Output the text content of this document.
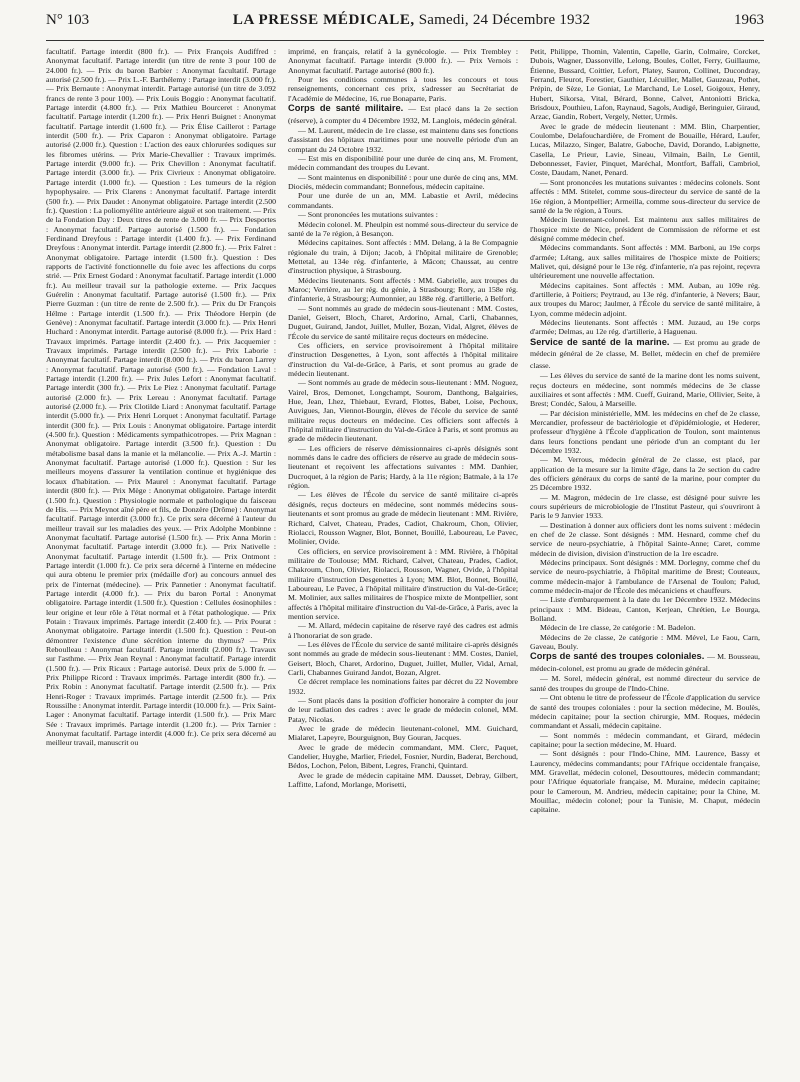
N° 103	LA PRESSE MÉDICALE, Samedi, 24 Décembre 1932	1963

facultatif. Partage interdit (800 fr.). — Prix François Audiffred : Anonymat facultatif. Partage interdit (un titre de rente 3 pour 100 de 24.000 fr.). — Prix du baron Barbier : Anonymat facultatif. Partage autorisé (2.500 fr.). — Prix L.-F. Barthélemy : Partage interdit (3.000 fr.). — Prix Bernaute : Anonymat interdit. Partage autorisé (un titre de 3.092 francs de rente 3 pour 100). — Prix Louis Boggio : Anonymat facultatif. Partage interdit (4.800 fr.). — Prix Mathieu Bourceret : Anonymat facultatif. Partage interdit (1.200 fr.). — Prix Henri Buignet : Anonymat facultatif. Partage interdit (1.600 fr.). — Prix Élise Caillerot : Partage interdit (500 fr.). — Prix Caparon : Anonymat obligatoire. Partage autorisé (2.000 fr.). Question : L'action des eaux chlorurées sodiques sur les fibromes utérins. — Prix Marie-Chevallier : Travaux imprimés. Partage interdit (9.000 fr.). — Prix Chevillon : Anonymat facultatif. Partage interdit (3.000 fr.). — Prix Civrieux : Anonymat obligatoire. Partage interdit (1.000 fr.). — Question : Les tumeurs de la région hypophysaire. — Prix Clarens : Anonymat facultatif. Partage interdit (500 fr.). — Prix Daudet : Anonymat obligatoire. Partage interdit (2.500 fr.). Question : La poliomyélite antérieure aiguë et son traitement. — Prix de la Fondation Day : Deux titres de rente de 3.000 fr. — Prix Desportes : Anonymat facultatif. Partage autorisé (1.500 fr.). — Fondation Ferdinand Dreyfous : Partage interdit (1.400 fr.). — Prix Ferdinand Dreyfous : Anonymat interdit. Partage interdit (2.800 fr.). — Prix Falret : Anonymat obligatoire. Partage interdit (1.500 fr.). Question : Des rapports de l'activité fonctionnelle du foie avec les affections du corps strié. — Prix Ernest Godard : Anonymat facultatif. Partage interdit (1.000 fr.). Au meilleur travail sur la pathologie externe. — Prix Jacques Guérelin : Anonymat facultatif. Partage autorisé (1.500 fr.). — Prix Pierre Guzman : (un titre de rente de 2.500 fr.). — Prix du Dr François Hélme : Partage interdit (1.500 fr.). — Prix Théodore Herpin (de Genève) : Anonymat facultatif. Partage interdit (3.000 fr.). — Prix Henri Huchard : Anonymat interdit. Partage autorisé (8.000 fr.). — Prix Hard : Travaux imprimés. Partage interdit (2.400 fr.). — Prix Jacquemier : Travaux imprimés. Partage interdit (2.500 fr.). — Prix Laborie : Anonymat facultatif. Partage interdit (8.000 fr.). — Prix du baron Larrey : Anonymat facultatif. Partage autorisé (500 fr.). — Fondation Laval : Partage interdit (1.200 fr.). — Prix Jules Lefort : Anonymat facultatif. Partage interdit (300 fr.). — Prix Le Piez : Anonymat facultatif. Partage autorisé (2.000 fr.). — Prix Lereau : Anonymat facultatif. Partage autorisé (2.000 fr.). — Prix Clotilde Liard : Anonymat facultatif. Partage interdit (5.000 fr.). — Prix Henri Lorquet : Anonymat facultatif. Partage interdit (300 fr.). — Prix Louis : Anonymat obligatoire. Partage interdit (4.500 fr.). Question : Médicaments sympathicotropes. — Prix Magnan : Anonymat obligatoire. Partage interdit (3.500 fr.). Question : Du métabolisme basal dans la manie et la mélancolie. — Prix A.-J. Martin : Anonymat facultatif. Partage autorisé (1.000 fr.). Question : Sur les meilleurs moyens d'assurer la ventilation continue et hygiénique des locaux d'habitation. — Prix Maurel : Anonymat facultatif. Partage interdit (800 fr.). — Prix Mège : Anonymat obligatoire. Partage interdit (1.500 fr.). Question : Physiologie normale et pathologique du faisceau de His. — Prix Meynot aîné père et fils, de Donzère (Drôme) : Anonymat facultatif. Partage interdit (3.000 fr.). Ce prix sera décerné à l'auteur du meilleur travail sur les maladies des yeux. — Prix Adolphe Monbinne : Anonymat facultatif. Partage autorisé (1.500 fr.). — Prix Anna Morin : Anonymat facultatif. Partage interdit (3.000 fr.). — Prix Nativelle : Anonymat facultatif. Partage interdit (1.500 fr.). — Prix Ontmont : Partage interdit (1.000 fr.). Ce prix sera décerné à l'interne en médecine qui aura obtenu le premier prix (médaille d'or) au concours annuel des prix de l'internat (médecine). — Prix Pannetier : Anonymat facultatif. Partage interdit (4.000 fr.). — Prix du baron Portal : Anonymat obligatoire. Partage interdit (1.500 fr.). Question : Cellules éosinophiles : leur origine et leur rôle à l'état normal et à l'état pathologique. — Prix Potain : Travaux imprimés. Partage interdit (2.400 fr.). — Prix Pourat : Anonymat obligatoire. Partage interdit (1.500 fr.). Question : Peut-on démontrer l'existence d'une sécrétion interne du thymus? — Prix Reboulleau : Anonymat facultatif. Partage interdit (2.000 fr.). Travaux sur l'asthme. — Prix Jean Reynal : Anonymat facultatif. Partage interdit (1.500 fr.). — Prix Ricaux : Partage autorisé. Deux prix de 5.000 fr. — Prix Philippe Ricord : Travaux imprimés. Partage interdit (800 fr.). — Prix Robin : Anonymat facultatif. Partage interdit (2.500 fr.). — Prix Henri-Roger : Travaux imprimés. Partage interdit (2.500 fr.). — Prix Roussilhe : Anonymat interdit. Partage interdit (10.000 fr.). — Prix Saint-Lager : Anonymat facultatif. Partage interdit (1.500 fr.). — Prix Marc Sée : Travaux imprimés. Partage interdit (1.200 fr.). — Prix Tarnier : Anonymat facultatif. Partage interdit (4.000 fr.). Ce prix sera décerné au meilleur travail, manuscrit ou

imprimé, en français, relatif à la gynécologie. — Prix Trembley : Anonymat facultatif. Partage interdit (9.000 fr.). — Prix Vernois : Anonymat facultatif. Partage autorisé (800 fr.).

Pour les conditions communes à tous les concours et tous renseignements, concernant ces prix, s'adresser au Secrétariat de l'Académie de Médecine, 16, rue Bonaparte, Paris.

Corps de santé militaire. — Est placé dans la 2e section (réserve), à compter du 4 Décembre 1932, M. Langlois, médecin général.

— M. Laurent, médecin de 1re classe, est maintenu dans ses fonctions d'assistant des hôpitaux maritimes pour une nouvelle période d'un an comptant du 24 Octobre 1932.

— Est mis en disponibilité pour une durée de cinq ans, M. Froment, médecin commandant des troupes du Levant.

— Sont maintenus en disponibilité : pour une durée de cinq ans, MM. Diociès, médecin commandant; Bonnefous, médecin capitaine.

Pour une durée de un an, MM. Labastie et Avril, médecins commandants.

— Sont prononcées les mutations suivantes :

Médecin colonel. M. Pheulpin est nommé sous-directeur du service de santé de la 7e région, à Besançon.

Médecins capitaines. Sont affectés : MM. Delang, à la 8e Compagnie régionale du train, à Dijon; Jacob, à l'hôpital militaire de Grenoble; Mettetal, au 134e rég. d'infanterie, à Mâcon; Chaussat, au centre d'instruction physique, à Strasbourg.

Médecins lieutenants. Sont affectés : MM. Gabrielle, aux troupes du Maroc; Verrière, au 1er rég. du génie, à Strasbourg; Rory, au 158e rég. d'infanterie, à Strasbourg; Aumonnier, au 188e rég. d'artillerie, à Belfort.

— Sont nommés au grade de médecin sous-lieutenant : MM. Costes, Daniel, Geisert, Bloch, Charet, Ardorino, Arnal, Carli, Chabannes, Duguet, Guirand, Jandot, Juillet, Muller, Bozan, Vidal, Algret, élèves de l'École du service de santé militaire reçus docteurs en médecine.

Ces officiers, en service provisoirement à l'hôpital militaire d'instruction Desgenettes, à Lyon, sont affectés à l'hôpital militaire d'instruction du Val-de-Grâce, à Paris, et sont promus au grade de médecin lieutenant.

— Sont nommés au grade de médecin sous-lieutenant : MM. Noguez, Vairel, Bros, Demonet, Longchampt, Sourom, Danthong, Balgairies, Hue, Jean, Lhez, Thiebaut, Evrard, Flottes, Babet, Loise, Pechoux, Auvigues, Jan, Viennot-Bourgin, élèves de l'école du service de santé militaire reçus docteurs en médecine. Ces officiers sont affectés à l'hôpital militaire d'instruction du Val-de-Grâce à Paris, et sont promus au grade de médecin lieutenant.

— Les officiers de réserve démissionnaires ci-après désignés sont nommés dans le cadre des officiers de réserve au grade de médecin sous-lieutenant et reçoivent les affectations suivantes : MM. Danhier, Ducroquet, à la région de Paris; Hardy, à la 11e région; Batmale, à la 17e région.

— Les élèves de l'École du service de santé militaire ci-après désignés, reçus docteurs en médecine, sont nommés médecins sous-lieutenants et sont promus au grade de médecin lieutenant : MM. Rivière, Richard, Calvet, Chateau, Prades, Cadiot, Chakroum, Chon, Olivier, Riolacci, Rousson Wagner, Blot, Bonnet, Bouillé, Laboureau, Le Pavec, Molinier, Ovide.

Ces officiers, en service provisoirement à : MM. Rivière, à l'hôpital militaire de Toulouse; MM. Richard, Calvet, Chateau, Prades, Cadiot, Chakroum, Chon, Olivier, Riolacci, Rousson, Wagner, Ovide, à l'hôpital militaire d'instruction Desgenettes à Lyon; MM. Blot, Bonnet, Bouillé, Laboureau, Le Pavec, à l'hôpital militaire d'instruction du Val-de-Grâce; M. Molinier, aux salles militaires de l'hospice mixte de Montpellier, sont affectés à l'hôpital militaire d'instruction du Val-de-Grâce, à Paris, avec la mention service.

— M. Allard, médecin capitaine de réserve rayé des cadres est admis à l'honorariat de son grade.

— Les élèves de l'École du service de santé militaire ci-après désignés sont nommés au grade de médecin sous-lieutenant : MM. Costes, Daniel, Geisert, Bloch, Charet, Ardorino, Duguet, Juillet, Muller, Vidal, Arnal, Carli, Chabannes Guirand Jandot, Bozan, Algret.

Ce décret remplace les nominations faites par décret du 22 Novembre 1932.

— Sont placés dans la position d'officier honoraire à compter du jour de leur radiation des cadres : avec le grade de médecin colonel, MM. Patay, Nicolas.

Avec le grade de médecin lieutenant-colonel, MM. Guichard, Mialaret, Lapeyre, Bourguignon, Buy Gouran, Jacques.

Avec le grade de médecin commandant, MM. Clerc, Paquet, Candelier, Huyghe, Marlier, Friedel, Fosnier, Nurdin, Baderat, Berchoud, Bédos, Lochon, Pelon, Bibent, Legres, Franchi, Quintard.

Avec le grade de médecin capitaine MM. Dausset, Debray, Gilbert, Laffitte, Lafond, Morlange, Morisetti,

Petit, Philippe, Thomin, Valentin, Capelle, Garin, Colmaire, Corcket, Dubois, Wagner, Dassonville, Lelong, Boules, Collet, Ferry, Guillaume, Étienne, Bussard, Coittier, Lefort, Platey, Sauron, Collinet, Ducondray, Ferrand, Fleurot, Forestier, Gauthier, Lécuiller, Mallet, Gauzeau, Pothet, Prépin, de Sèze, Le Goniat, Le Marchand, Le Losel, Goigoux, Henry, Hubert, Sikorsa, Vital, Bérard, Bonne, Calvet, Antoniotti Bricka, Brisdoux, Pouthieu, Lafon, Raynaud, Sagols, Audigé, Beringuier, Giraud, Arzac, Gandin, Robert, Vergely, Netter, Urmès.

Avec le grade de médecin lieutenant : MM. Blin, Charpentier, Coulombe, Delafouchardière, de Froment de Bouaille, Hérard, Laufer, Lucas, Milazzo, Singer, Balatre, Gaboche, David, Dorando, Labignette, Casella, Le Prieur, Lavie, Sineau, Vilmain, Bailn, Le Gentil, Debonnesset, Favier, Pinquet, Maréchal, Montfort, Baffali, Cambriol, Coste, Daudam, Nanet, Penard.

— Sont prononcées les mutations suivantes : médecins colonels. Sont affectés : MM. Stitelet, comme sous-directeur du service de santé de la 16e région, à Montpellier; Armeilla, comme sous-directeur du service de santé de la 9e région, à Tours.

Médecin lieutenant-colonel. Est maintenu aux salles militaires de l'hospice mixte de Nice, président de Commission de réforme et est désigné comme médecin chef.

Médecins commandants. Sont affectés : MM. Barboni, au 19e corps d'armée; Létang, aux salles militaires de l'hospice mixte de Poitiers; Malivet, qui, désigné pour le 13e rég. d'infanterie, n'a pas rejoint, reçevra ultérieurement une nouvelle affectation.

Médecins capitaines. Sont affectés : MM. Auban, au 109e rég. d'artillerie, à Poitiers; Peytraud, au 13e rég. d'infanterie, à Nevers; Baur, aux troupes du Maroc; Jaulmer, à l'École du service de santé militaire, à Lyon, comme médecin adjoint.

Médecins lieutenants. Sont affectés : MM. Juzaud, au 19e corps d'armée; Delmas, au 12e rég. d'artillerie, à Haguenau.

Service de santé de la marine. — Est promu au grade de médecin général de 2e classe, M. Bellet, médecin en chef de première classe.

— Les élèves du service de santé de la marine dont les noms suivent, reçus docteurs en médecine, sont nommés médecins de 3e classe auxiliaires et sont affectés : MM. Cueff, Guirand, Marie, Ollivier, Seite, à Brest; Condéc, Salou, à Marseille.

— Par décision ministérielle, MM. les médecins en chef de 2e classe, Mercandier, professeur de bactériologie et d'épidémiologie, et Hederer, professeur d'hygiène à l'École d'application de Toulon, sont maintenus dans leurs fonctions pendant une période d'un an comptant du 1er Décembre 1932.

— M. Verrous, médecin général de 2e classe, est placé, par application de la mesure sur la limite d'âge, dans la 2e section du cadre des officiers généraux du corps de santé de la marine, pour compter du 25 Décembre 1932.

— M. Magron, médecin de 1re classe, est désigné pour suivre les cours supérieurs de microbiologie de l'Institut Pasteur, qui s'ouvriront à Paris le 9 Janvier 1933.

— Destination à donner aux officiers dont les noms suivent : médecin en chef de 2e classe. Sont désignés : MM. Hesnard, comme chef du service de neuro-psychiatrie, à l'hôpital Sainte-Anne; Caret, comme médecin de division, division d'instruction de la 1re escadre.

Médecins principaux. Sont désignés : MM. Dorlegny, comme chef du service de neuro-psychiatrie, à l'hôpital maritime de Brest; Couteaux, comme médecin-major à l'ambulance de l'Arsenal de Toulon; Palud, comme médecin-major de l'École des mécaniciens et chauffeurs.

— Liste d'embarquement à la date du 1er Décembre 1932. Médecins principaux : MM. Bideau, Canton, Kerjean, Chrétien, Le Bourga, Bolland.

Médecin de 1re classe, 2e catégorie : M. Badelon.

Médecins de 2e classe, 2e catégorie : MM. Mével, Le Faou, Carn, Gaveau, Bouly.

Corps de santé des troupes coloniales. — M. Bousseau, médecin-colonel, est promu au grade de médecin général.

— M. Sorel, médecin général, est nommé directeur du service de santé des troupes du groupe de l'Indo-Chine.

— Ont obtenu le titre de professeur de l'École d'application du service de santé des troupes coloniales : pour la section médecine, M. Boulès, médecin capitaine; pour la section chirurgie, MM. Roques, médecin commandant et Assali, médecin capitaine.

— Sont nommés : médecin commandant, et Girard, médecin capitaine; pour la section médecine, M. Huard.

— Sont désignés : pour l'Indo-Chine, MM. Laurence, Bassy et Laurency, médecins commandants; pour l'Afrique occidentale française, MM. Gravellat, médecin colonel, Desouttoures, médecin commandant; pour l'Afrique équatoriale française, M. Muraine, médecin capitaine; pour le Cameroun, M. Andrieu, médecin capitaine; pour la Chine, M. Mouillac, médecin colonel; pour la Tunisie, M. Chaput, médecin capitaine.
